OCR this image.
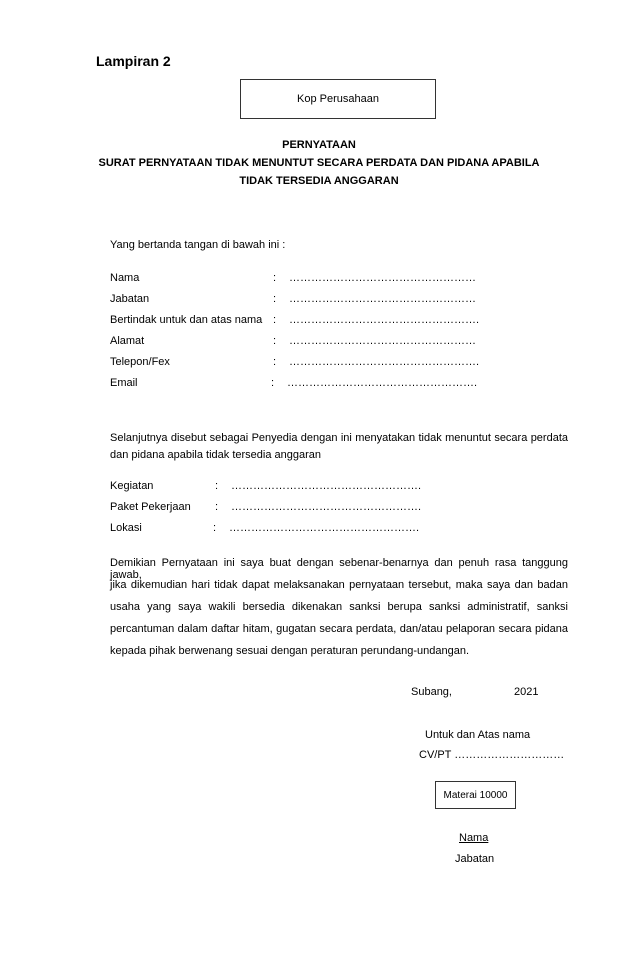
Lampiran 2
Kop Perusahaan
PERNYATAAN
SURAT PERNYATAAN TIDAK MENUNTUT SECARA PERDATA DAN PIDANA APABILA
TIDAK TERSEDIA ANGGARAN
Yang bertanda tangan di bawah ini :
Nama	: ……………………………………………
Jabatan	: ……………………………………………
Bertindak untuk dan atas nama : …………………………………………….
Alamat	: ……………………………………………
Telepon/Fex	: …………………………………………….
Email	: …………………………………………….
Selanjutnya disebut sebagai Penyedia dengan ini menyatakan tidak menuntut secara perdata
dan pidana apabila tidak tersedia anggaran
Kegiatan	: …………………………………………….
Paket Pekerjaan : …………………………………………….
Lokasi	: …………………………………………….
Demikian Pernyataan ini saya buat dengan sebenar-benarnya dan penuh rasa tanggung jawab,
jika dikemudian hari tidak dapat melaksanakan pernyataan tersebut, maka saya dan badan
usaha yang saya wakili bersedia dikenakan sanksi berupa sanksi administratif, sanksi
percantuman dalam daftar hitam, gugatan secara perdata, dan/atau pelaporan secara pidana
kepada pihak berwenang sesuai dengan peraturan perundang-undangan.
Subang,	2021
Untuk dan Atas nama
CV/PT …………………………
Materai 10000
Nama
Jabatan
